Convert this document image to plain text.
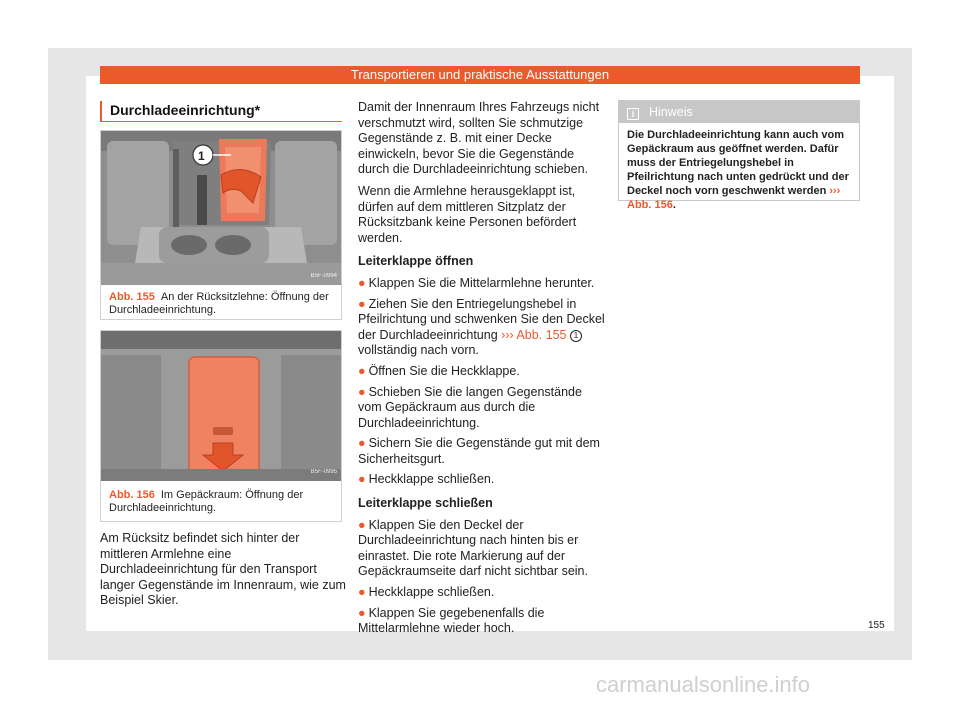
Transportieren und praktische Ausstattungen
Durchladeeinrichtung*
B5F-0994
1
Abb. 155 An der Rücksitzlehne: Öffnung der Durchladeeinrichtung.
B5F-0995
Abb. 156 Im Gepäckraum: Öffnung der Durchladeeinrichtung.
Am Rücksitz befindet sich hinter der mittleren Armlehne eine Durchladeeinrichtung für den Transport langer Gegenstände im Innenraum, wie zum Beispiel Skier.

Damit der Innenraum Ihres Fahrzeugs nicht verschmutzt wird, sollten Sie schmutzige Gegenstände z. B. mit einer Decke einwickeln, bevor Sie die Gegenstände durch die Durchladeeinrichtung schieben.

Wenn die Armlehne herausgeklappt ist, dürfen auf dem mittleren Sitzplatz der Rücksitzbank keine Personen befördert werden.

Leiterklappe öffnen
● Klappen Sie die Mittelarmlehne herunter.
● Ziehen Sie den Entriegelungshebel in Pfeilrichtung und schwenken Sie den Deckel der Durchladeeinrichtung ››› Abb. 155 1 vollständig nach vorn.
● Öffnen Sie die Heckklappe.
● Schieben Sie die langen Gegenstände vom Gepäckraum aus durch die Durchladeeinrichtung.
● Sichern Sie die Gegenstände gut mit dem Sicherheitsgurt.
● Heckklappe schließen.
Leiterklappe schließen
● Klappen Sie den Deckel der Durchladeeinrichtung nach hinten bis er einrastet. Die rote Markierung auf der Gepäckraumseite darf nicht sichtbar sein.
● Heckklappe schließen.
● Klappen Sie gegebenenfalls die Mittelarmlehne wieder hoch.
i Hinweis
Die Durchladeeinrichtung kann auch vom Gepäckraum aus geöffnet werden. Dafür muss der Entriegelungshebel in Pfeilrichtung nach unten gedrückt und der Deckel noch vorn geschwenkt werden ››› Abb. 156.
155
carmanualsonline.info
